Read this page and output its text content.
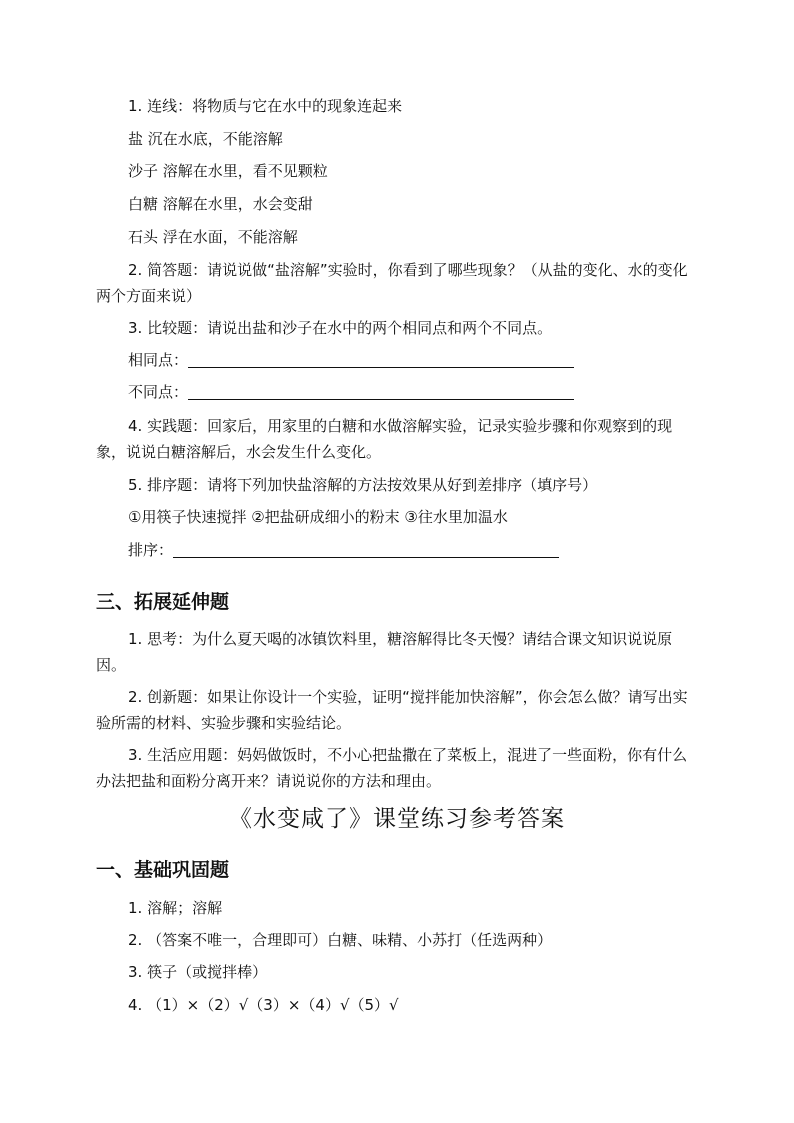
1. 连线：将物质与它在水中的现象连起来
盐 沉在水底，不能溶解
沙子 溶解在水里，看不见颗粒
白糖 溶解在水里，水会变甜
石头 浮在水面，不能溶解
2. 简答题：请说说做“盐溶解”实验时，你看到了哪些现象？（从盐的变化、水的变化两个方面来说）
3. 比较题：请说出盐和沙子在水中的两个相同点和两个不同点。
相同点：
不同点：
4. 实践题：回家后，用家里的白糖和水做溶解实验，记录实验步骤和你观察到的现象，说说白糖溶解后，水会发生什么变化。
5. 排序题：请将下列加快盐溶解的方法按效果从好到差排序（填序号）
①用筷子快速搅拌 ②把盐研成细小的粉末 ③往水里加温水
排序：
三、拓展延伸题
1. 思考：为什么夏天喝的冰镇饮料里，糖溶解得比冬天慢？请结合课文知识说说原因。
2. 创新题：如果让你设计一个实验，证明“搅拌能加快溶解”，你会怎么做？请写出实验所需的材料、实验步骤和实验结论。
3. 生活应用题：妈妈做饭时，不小心把盐撒在了菜板上，混进了一些面粉，你有什么办法把盐和面粉分离开来？请说说你的方法和理由。
《水变咸了》课堂练习参考答案
一、基础巩固题
1. 溶解；溶解
2. （答案不唯一，合理即可）白糖、味精、小苏打（任选两种）
3. 筷子（或搅拌棒）
4. （1）×（2）√（3）×（4）√（5）√
